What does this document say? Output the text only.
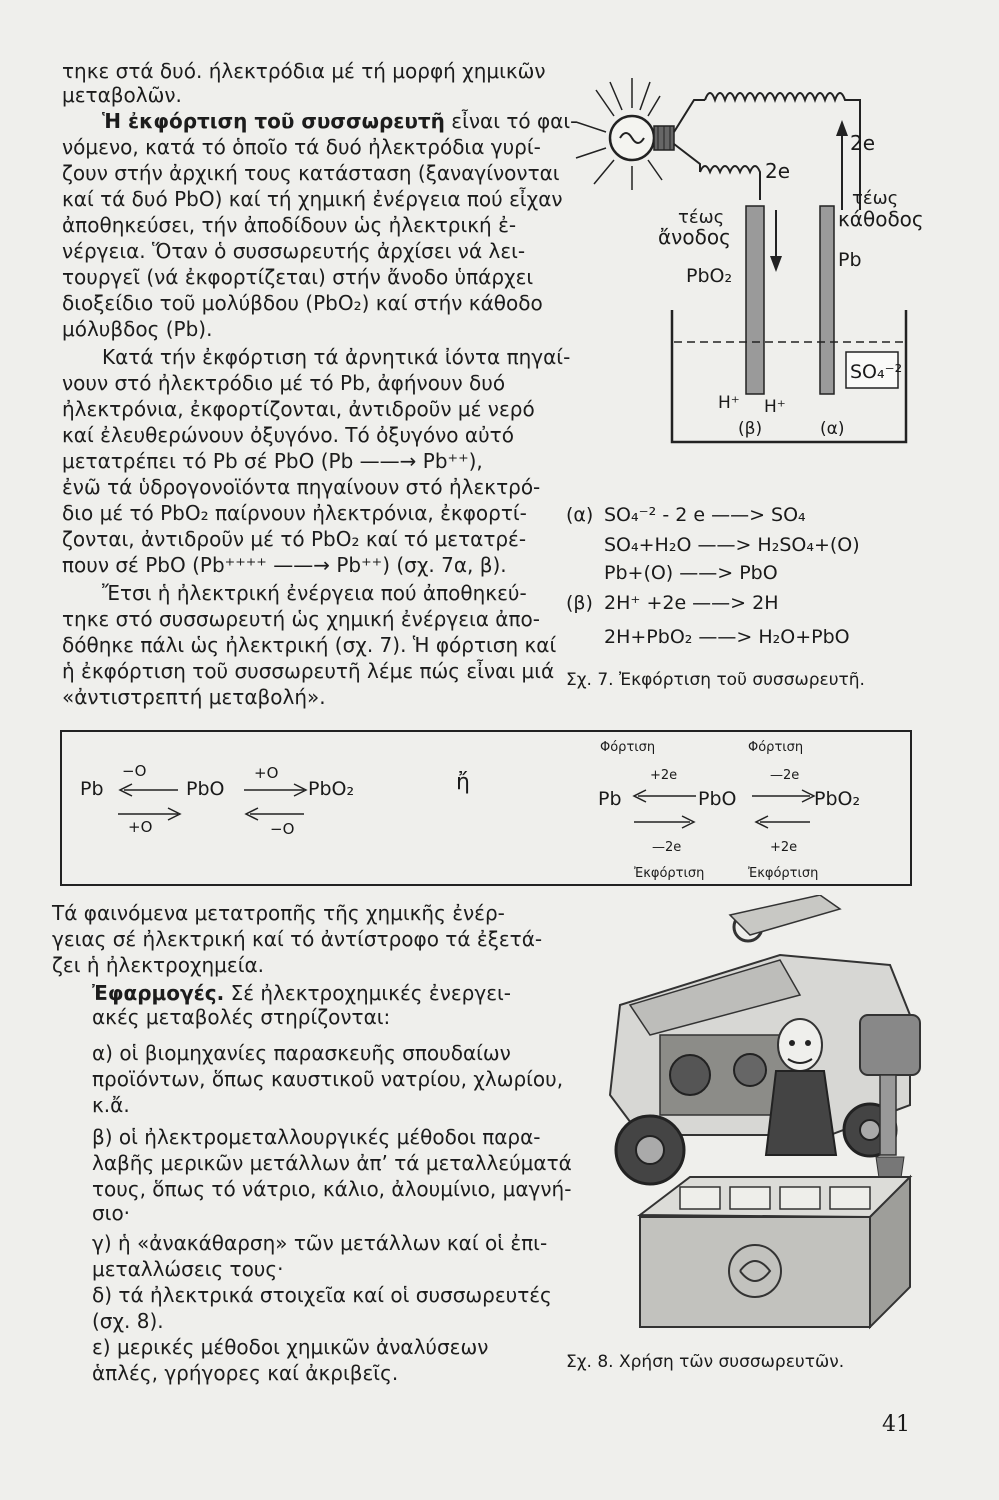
τηκε στά δυό. ήλεκτρόδια μέ τή μορφή χημικῶν
μεταβολῶν.
Ἡ ἐκφόρτιση τοῦ συσσωρευτῆ εἶναι τό φαι-
νόμενο, κατά τό ὁποῖο τά δυό ἠλεκτρόδια γυρί-
ζουν στήν ἀρχική τους κατάσταση (ξαναγίνονται
καί τά δυό PbO) καί τή χημική ἐνέργεια πού εἶχαν
ἀποθηκεύσει, τήν ἀποδίδουν ὡς ἠλεκτρική ἐ-
νέργεια. Ὅταν ὁ συσσωρευτής ἀρχίσει νά λει-
τουργεῖ (νά ἐκφορτίζεται) στήν ἄνοδο ὑπάρχει
διοξείδιο τοῦ μολύβδου (PbO₂) καί στήν κάθοδο
μόλυβδος (Pb).
Κατά τήν ἐκφόρτιση τά ἀρνητικά ἰόντα πηγαί-
νουν στό ἠλεκτρόδιο μέ τό Pb, ἀφήνουν δυό
ἠλεκτρόνια, ἐκφορτίζονται, ἀντιδροῦν μέ νερό
καί ἐλευθερώνουν ὀξυγόνο. Τό ὀξυγόνο αὐτό
μετατρέπει τό Pb σέ PbO (Pb ——→ Pb⁺⁺),
ἐνῶ τά ὑδρογονοϊόντα πηγαίνουν στό ἠλεκτρό-
διο μέ τό PbO₂ παίρνουν ἠλεκτρόνια, ἐκφορτί-
ζονται, ἀντιδροῦν μέ τό PbO₂ καί τό μετατρέ-
πουν σέ PbO (Pb⁺⁺⁺⁺ ——→ Pb⁺⁺) (σχ. 7α, β).
Ἔτσι ἡ ἠλεκτρική ἐνέργεια πού ἀποθηκεύ-
τηκε στό συσσωρευτή ὡς χημική ἐνέργεια ἀπο-
δόθηκε πάλι ὡς ἠλεκτρική (σχ. 7). Ἡ φόρτιση καί
ἡ ἐκφόρτιση τοῦ συσσωρευτῆ λέμε πώς εἶναι μιά
«ἀντιστρεπτή μεταβολή».
2e
2e
τέως
ἄνοδος
τέως
κάθοδος
PbO₂
Pb
SO₄⁻²
H⁺ H⁺
(β)	(α)
(α) SO₄⁻² - 2 e ——> SO₄
SO₄+H₂O ——> H₂SO₄+(O)
Pb+(O) ——> PbO
(β) 2H⁺ +2e ——> 2H
2H+PbO₂ ——> H₂O+PbO
Σχ. 7. Ἐκφόρτιση τοῦ συσσωρευτῆ.
Pb	PbO	PbO₂
−O	+O
+O	−O
ἤ
Φόρτιση	Φόρτιση
+2e	—2e
Pb	PbO	PbO₂
—2e	+2e
Ἐκφόρτιση	Ἐκφόρτιση
Τά φαινόμενα μετατροπῆς τῆς χημικῆς ἐνέρ-
γειας σέ ἠλεκτρική καί τό ἀντίστροφο τά ἐξετά-
ζει ἡ ἠλεκτροχημεία.
Ἐφαρμογές. Σέ ἠλεκτροχημικές ἐνεργει-
ακές μεταβολές στηρίζονται:
α) οἱ βιομηχανίες παρασκευῆς σπουδαίων
προϊόντων, ὅπως καυστικοῦ νατρίου, χλωρίου,
κ.ἄ.
β) οἱ ἠλεκτρομεταλλουργικές μέθοδοι παρα-
λαβῆς μερικῶν μετάλλων ἀπ’ τά μεταλλεύματά
τους, ὅπως τό νάτριο, κάλιο, ἀλουμίνιο, μαγνή-
σιο·
γ) ἡ «ἀνακάθαρση» τῶν μετάλλων καί οἱ ἐπι-
μεταλλώσεις τους·
δ) τά ἠλεκτρικά στοιχεῖα καί οἱ συσσωρευτές
(σχ. 8).
ε) μερικές μέθοδοι χημικῶν ἀναλύσεων
ἁπλές, γρήγορες καί ἀκριβεῖς.	Σχ. 8. Χρήση τῶν συσσωρευτῶν.
41
